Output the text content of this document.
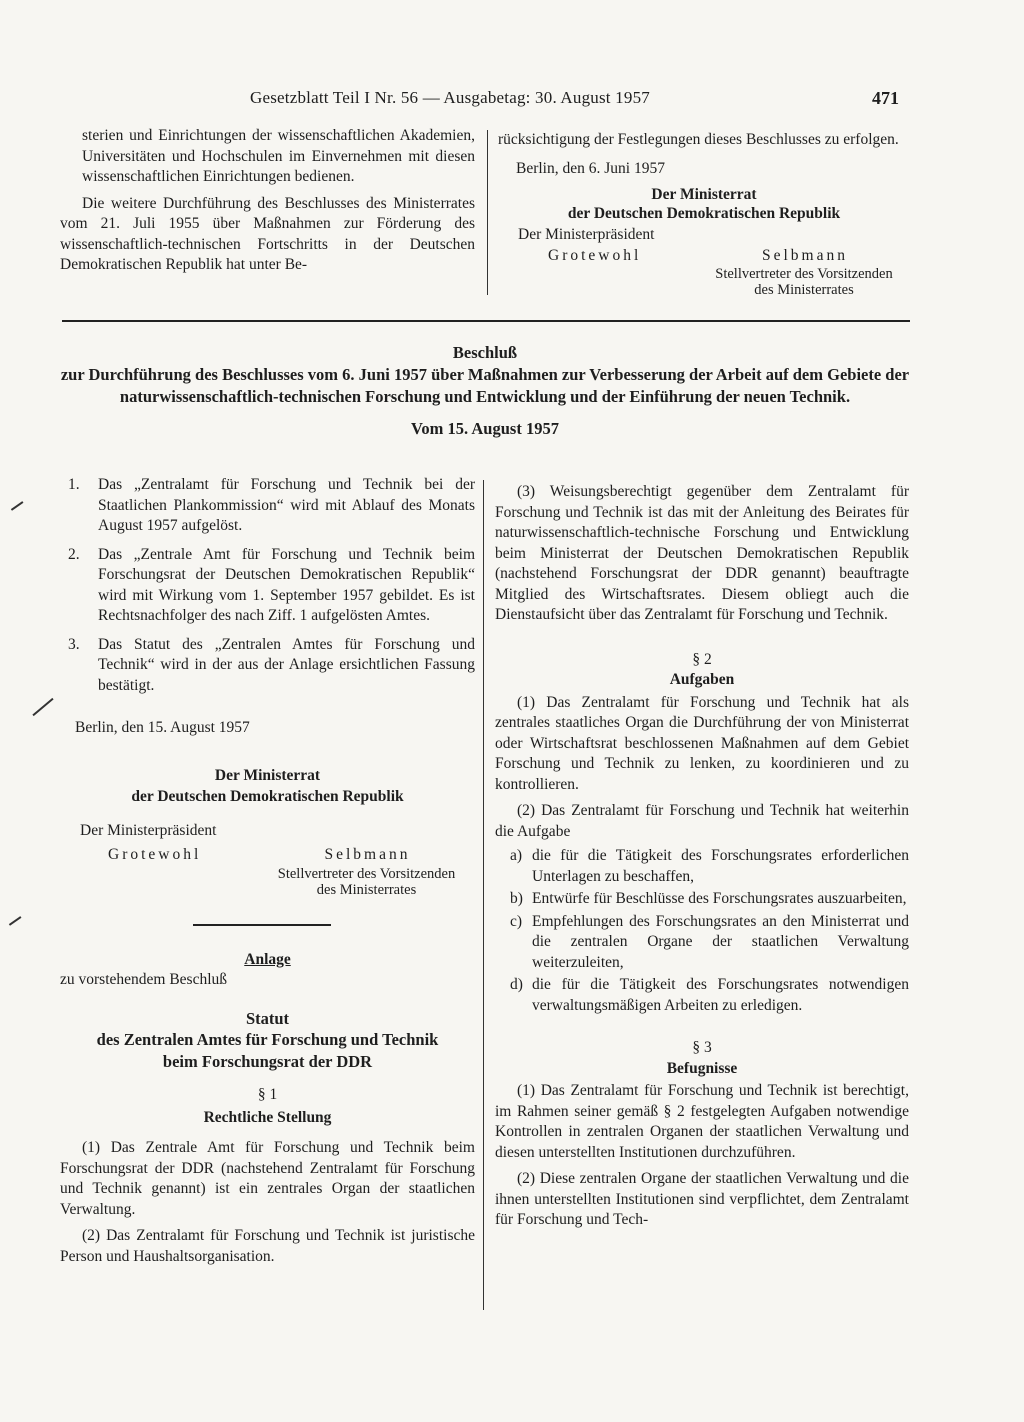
Gesetzblatt Teil I Nr. 56 — Ausgabetag: 30. August 1957	471

sterien und Einrichtungen der wissenschaftlichen Akademien, Universitäten und Hochschulen im Einvernehmen mit diesen wissenschaftlichen Einrichtungen bedienen.

Die weitere Durchführung des Beschlusses des Ministerrates vom 21. Juli 1955 über Maßnahmen zur Förderung des wissenschaftlich-technischen Fortschritts in der Deutschen Demokratischen Republik hat unter Be-

rücksichtigung der Festlegungen dieses Beschlusses zu erfolgen.

Berlin, den 6. Juni 1957
Der Ministerrat
der Deutschen Demokratischen Republik
Der Ministerpräsident
Grotewohl	Selbmann
Stellvertreter des Vorsitzenden
des Ministerrates
Beschluß
zur Durchführung des Beschlusses vom 6. Juni 1957 über Maßnahmen zur Verbesserung der Arbeit auf dem Gebiete der naturwissenschaftlich-technischen Forschung und Entwicklung und der Einführung der neuen Technik.
Vom 15. August 1957
1.	Das „Zentralamt für Forschung und Technik bei der Staatlichen Plankommission“ wird mit Ablauf des Monats August 1957 aufgelöst.
2.	Das „Zentrale Amt für Forschung und Technik beim Forschungsrat der Deutschen Demokratischen Republik“ wird mit Wirkung vom 1. September 1957 gebildet. Es ist Rechtsnachfolger des nach Ziff. 1 aufgelösten Amtes.
3.	Das Statut des „Zentralen Amtes für Forschung und Technik“ wird in der aus der Anlage ersichtlichen Fassung bestätigt.
Berlin, den 15. August 1957
Der Ministerrat
der Deutschen Demokratischen Republik
Der Ministerpräsident
Grotewohl	Selbmann
Stellvertreter des Vorsitzenden
des Ministerrates
Anlage
zu vorstehendem Beschluß
Statut
des Zentralen Amtes für Forschung und Technik
beim Forschungsrat der DDR
§ 1
Rechtliche Stellung

(1) Das Zentrale Amt für Forschung und Technik beim Forschungsrat der DDR (nachstehend Zentralamt für Forschung und Technik genannt) ist ein zentrales Organ der staatlichen Verwaltung.

(2) Das Zentralamt für Forschung und Technik ist juristische Person und Haushaltsorganisation.

(3) Weisungsberechtigt gegenüber dem Zentralamt für Forschung und Technik ist das mit der Anleitung des Beirates für naturwissenschaftlich-technische Forschung und Entwicklung beim Ministerrat der Deutschen Demokratischen Republik (nachstehend Forschungsrat der DDR genannt) beauftragte Mitglied des Wirtschaftsrates. Diesem obliegt auch die Dienstaufsicht über das Zentralamt für Forschung und Technik.

§ 2
Aufgaben

(1) Das Zentralamt für Forschung und Technik hat als zentrales staatliches Organ die Durchführung der von Ministerrat oder Wirtschaftsrat beschlossenen Maßnahmen auf dem Gebiet Forschung und Technik zu lenken, zu koordinieren und zu kontrollieren.

(2) Das Zentralamt für Forschung und Technik hat weiterhin die Aufgabe

a) die für die Tätigkeit des Forschungsrates erforderlichen Unterlagen zu beschaffen,
b) Entwürfe für Beschlüsse des Forschungsrates auszuarbeiten,
c) Empfehlungen des Forschungsrates an den Ministerrat und die zentralen Organe der staatlichen Verwaltung weiterzuleiten,
d) die für die Tätigkeit des Forschungsrates notwendigen verwaltungsmäßigen Arbeiten zu erledigen.
§ 3
Befugnisse

(1) Das Zentralamt für Forschung und Technik ist berechtigt, im Rahmen seiner gemäß § 2 festgelegten Aufgaben notwendige Kontrollen in zentralen Organen der staatlichen Verwaltung und diesen unterstellten Institutionen durchzuführen.

(2) Diese zentralen Organe der staatlichen Verwaltung und die ihnen unterstellten Institutionen sind verpflichtet, dem Zentralamt für Forschung und Tech-
